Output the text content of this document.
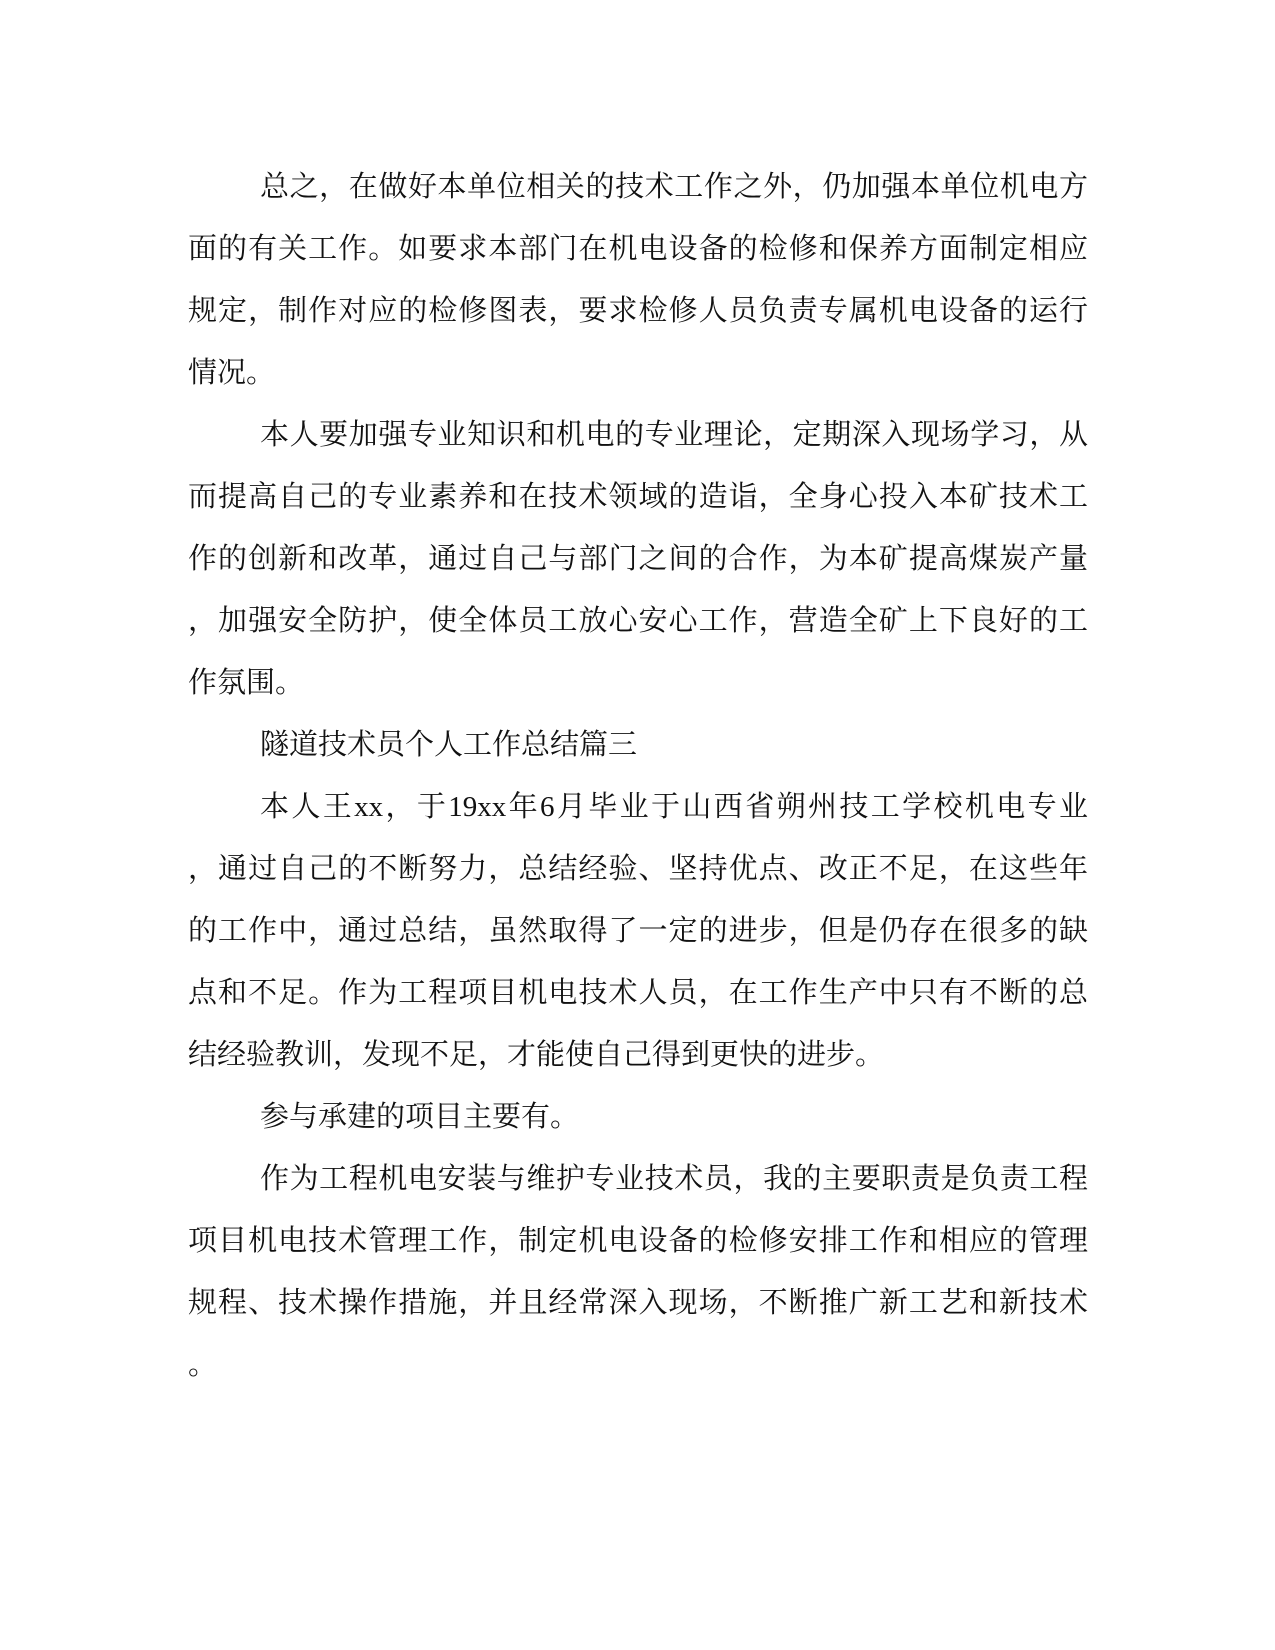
总之，在做好本单位相关的技术工作之外，仍加强本单位机电方

面的有关工作。如要求本部门在机电设备的检修和保养方面制定相应

规定，制作对应的检修图表，要求检修人员负责专属机电设备的运行

情况。

本人要加强专业知识和机电的专业理论，定期深入现场学习，从

而提高自己的专业素养和在技术领域的造诣，全身心投入本矿技术工

作的创新和改革，通过自己与部门之间的合作，为本矿提高煤炭产量

，加强安全防护，使全体员工放心安心工作，营造全矿上下良好的工

作氛围。

隧道技术员个人工作总结篇三

本人王xx，于19xx年6月毕业于山西省朔州技工学校机电专业

，通过自己的不断努力，总结经验、坚持优点、改正不足，在这些年

的工作中，通过总结，虽然取得了一定的进步，但是仍存在很多的缺

点和不足。作为工程项目机电技术人员，在工作生产中只有不断的总

结经验教训，发现不足，才能使自己得到更快的进步。

参与承建的项目主要有。

作为工程机电安装与维护专业技术员，我的主要职责是负责工程

项目机电技术管理工作，制定机电设备的检修安排工作和相应的管理

规程、技术操作措施，并且经常深入现场，不断推广新工艺和新技术

。
